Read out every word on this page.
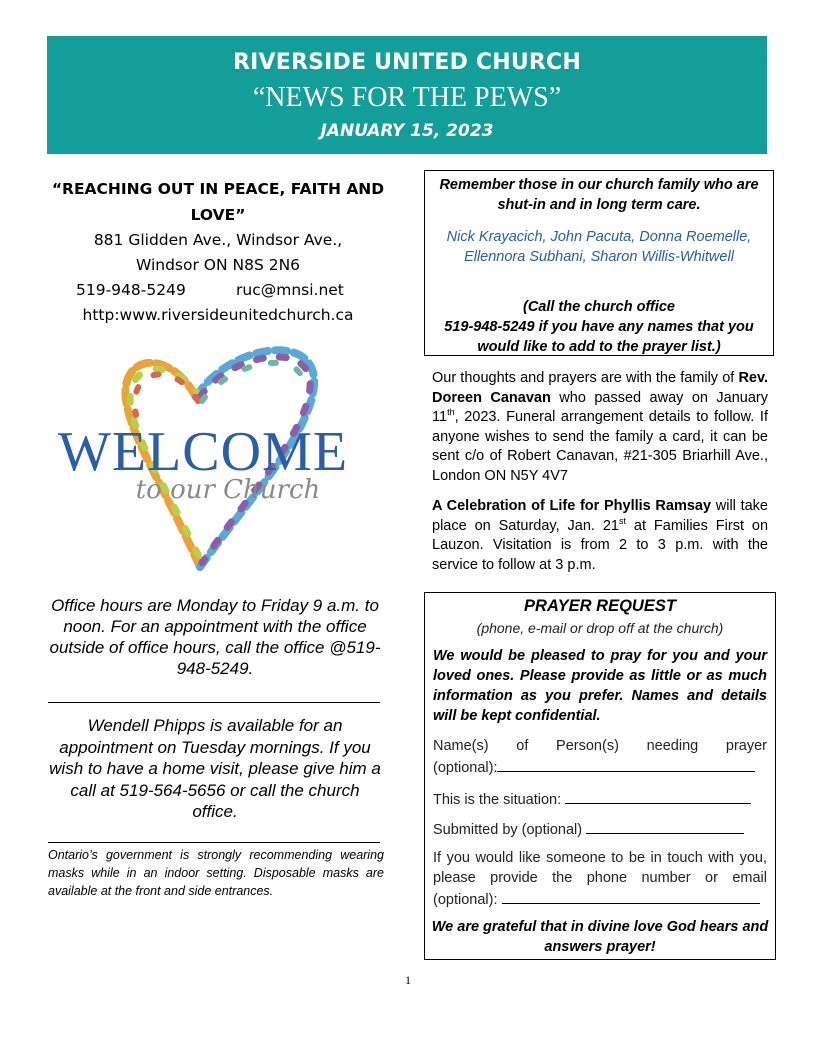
RIVERSIDE UNITED CHURCH
“NEWS FOR THE PEWS”
JANUARY 15, 2023
“REACHING OUT IN PEACE, FAITH AND LOVE”
881 Glidden Ave., Windsor Ave.,
Windsor ON N8S 2N6
519-948-5249	ruc@mnsi.net
http:www.riversideunitedchurch.ca
WELCOME
to our Church
Office hours are Monday to Friday 9 a.m. to noon. For an appointment with the office outside of office hours, call the office @519-948-5249.
Wendell Phipps is available for an appointment on Tuesday mornings. If you wish to have a home visit, please give him a call at 519-564-5656 or call the church office.
Ontario’s government is strongly recommending wearing masks while in an indoor setting. Disposable masks are available at the front and side entrances.
Remember those in our church family who are shut-in and in long term care.
Nick Krayacich, John Pacuta, Donna Roemelle, Ellennora Subhani, Sharon Willis-Whitwell
(Call the church office
519-948-5249 if you have any names that you would like to add to the prayer list.)
Our thoughts and prayers are with the family of Rev. Doreen Canavan who passed away on January 11th, 2023. Funeral arrangement details to follow. If anyone wishes to send the family a card, it can be sent c/o of Robert Canavan, #21-305 Briarhill Ave., London ON N5Y 4V7
A Celebration of Life for Phyllis Ramsay will take place on Saturday, Jan. 21st at Families First on Lauzon. Visitation is from 2 to 3 p.m. with the service to follow at 3 p.m.
PRAYER REQUEST
(phone, e-mail or drop off at the church)
We would be pleased to pray for you and your loved ones. Please provide as little or as much information as you prefer. Names and details will be kept confidential.
Name(s) of Person(s) needing prayer
(optional):
This is the situation:
Submitted by (optional)
If you would like someone to be in touch with you, please provide the phone number or email (optional):
We are grateful that in divine love God hears and answers prayer!
1
